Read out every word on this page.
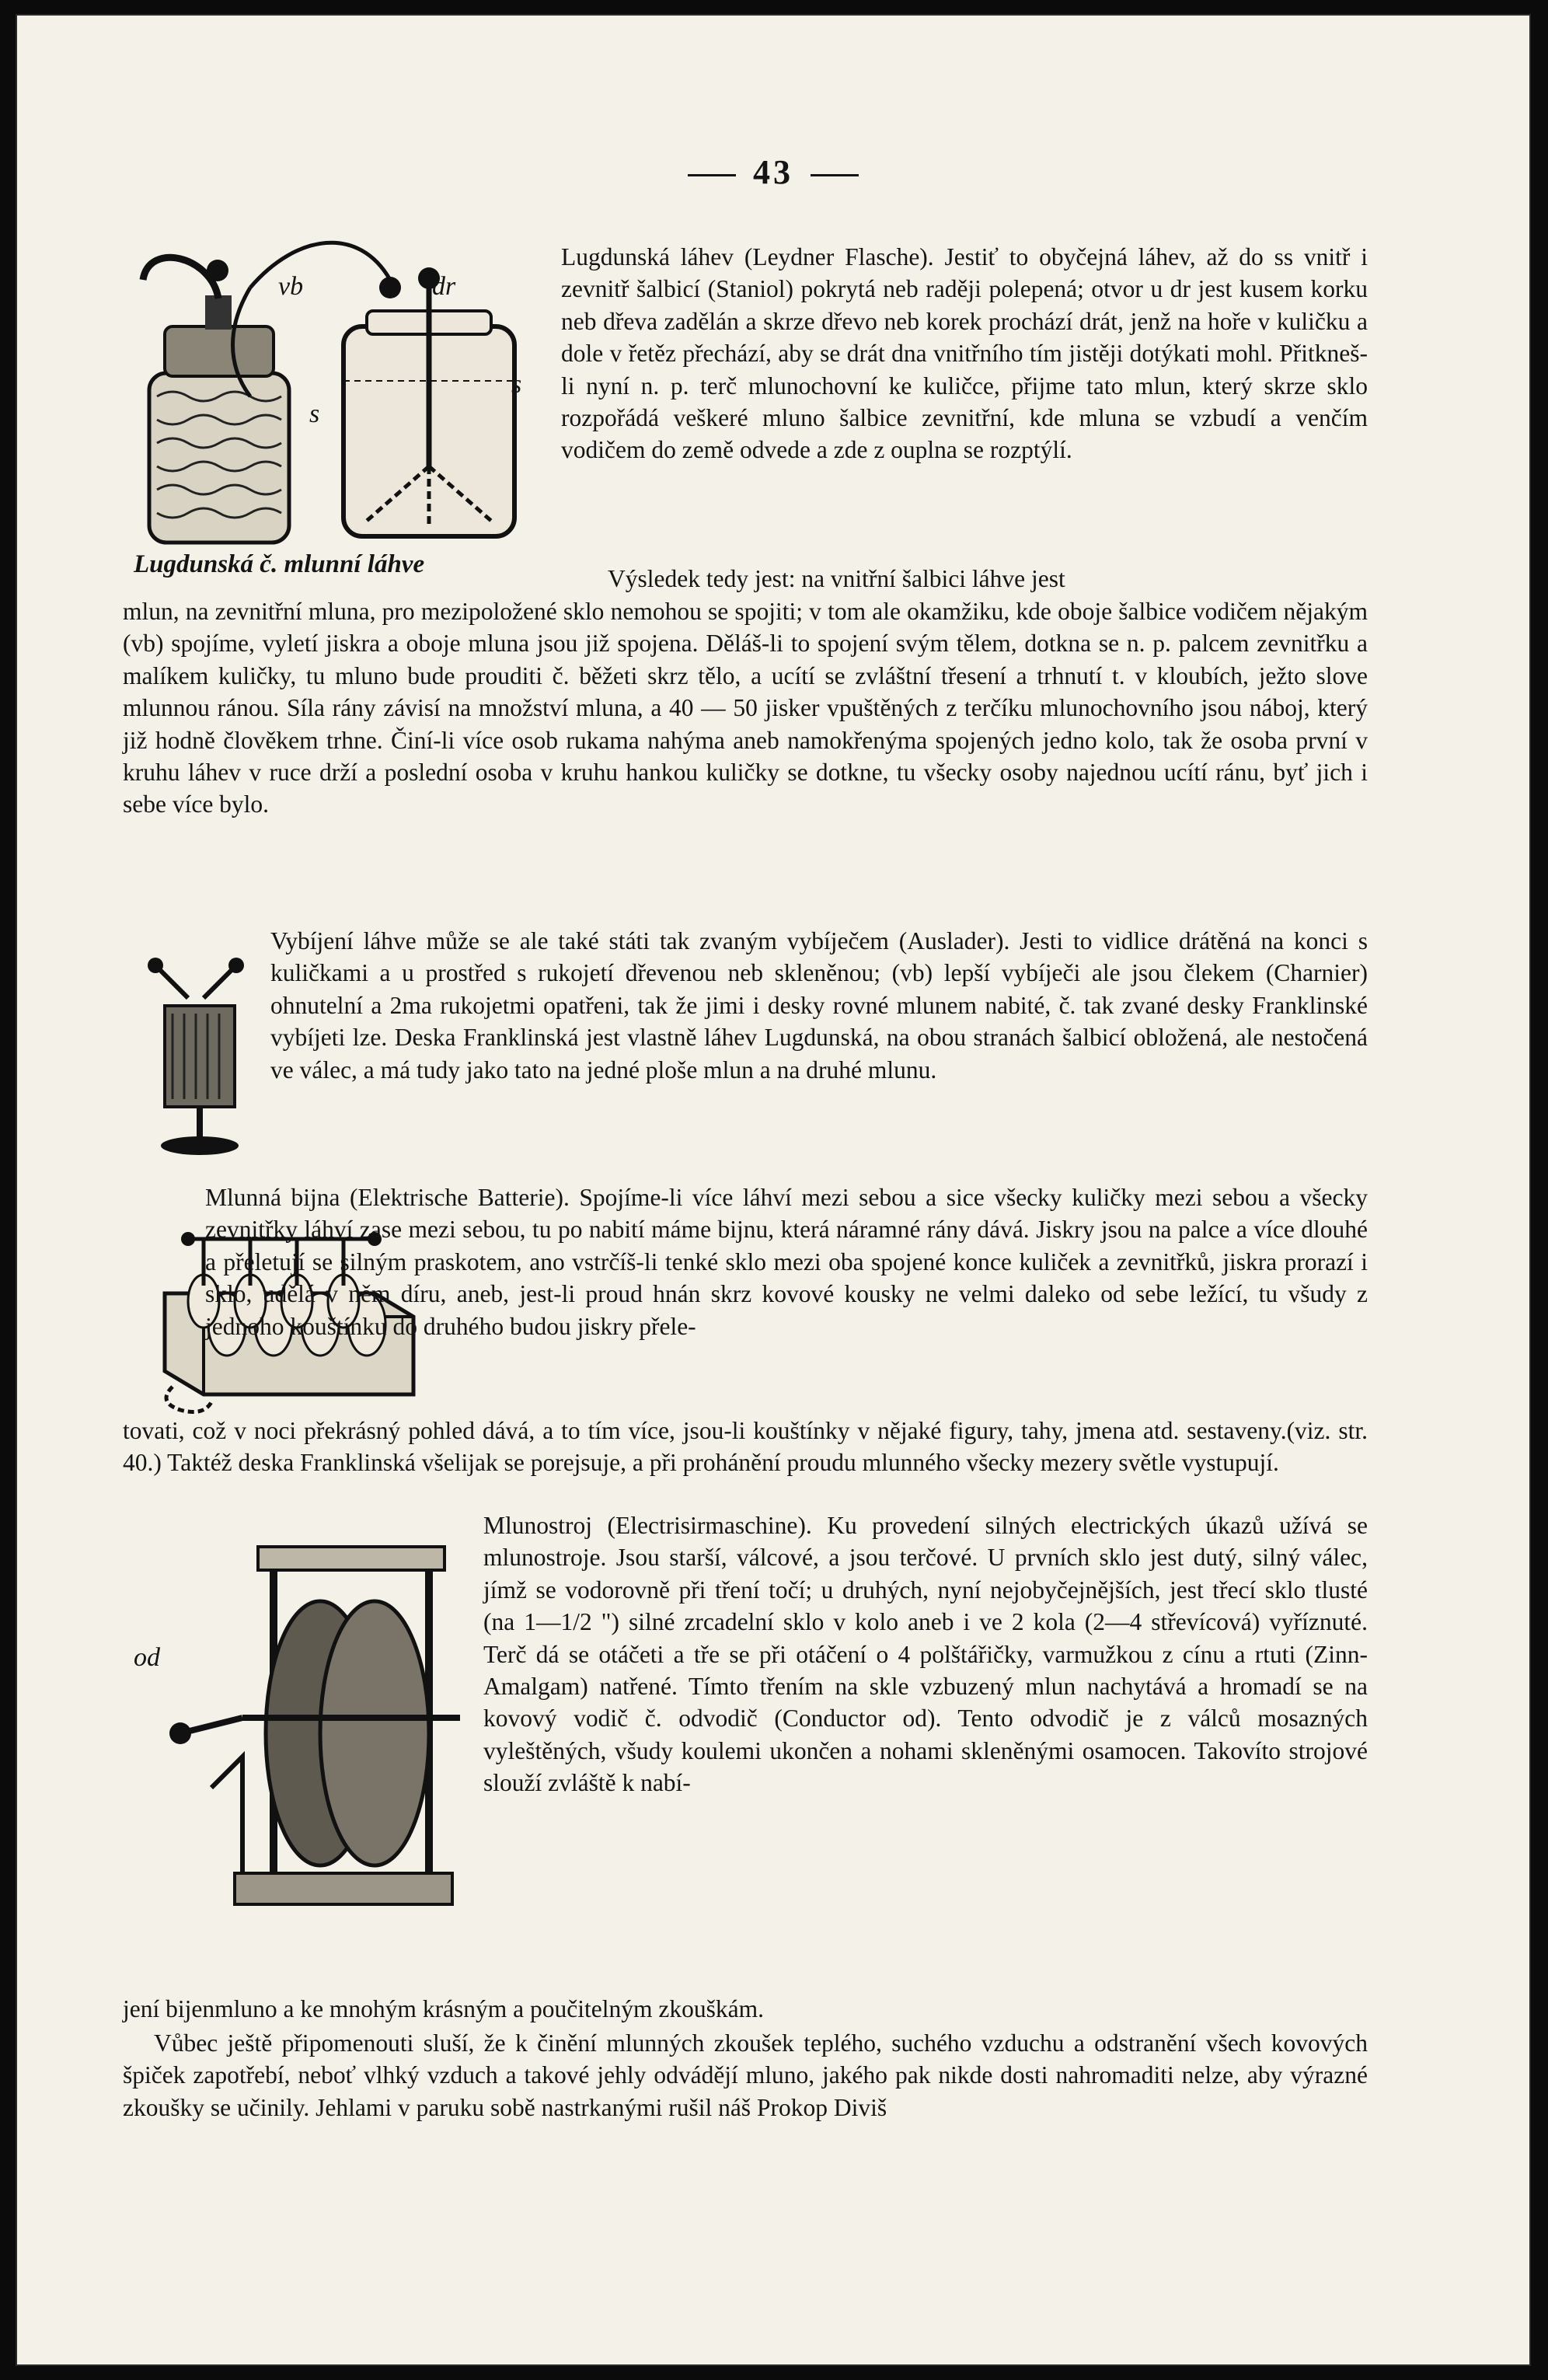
43
vb	dr
s
s
Lugdunská č. mlunní láhve

Lugdunská láhev (Leydner Flasche). Jestiť to obyčejná láhev, až do ss vnitř i zevnitř šalbicí (Staniol) pokrytá neb raději polepená; otvor u dr jest kusem korku neb dřeva zadělán a skrze dřevo neb korek prochází drát, jenž na hoře v kuličku a dole v řetěz přechází, aby se drát dna vnitřního tím jistěji dotýkati mohl. Přitkneš-li nyní n. p. terč mlunochovní ke kuličce, přijme tato mlun, který skrze sklo rozpořádá veškeré mluno šalbice zevnitřní, kde mluna se vzbudí a venčím vodičem do země odvede a zde z ouplna se rozptýlí.

Výsledek tedy jest: na vnitřní šalbici láhve jest

mlun, na zevnitřní mluna, pro mezipoložené sklo nemohou se spojiti; v tom ale okamžiku, kde oboje šalbice vodičem nějakým (vb) spojíme, vyletí jiskra a oboje mluna jsou již spojena. Děláš-li to spojení svým tělem, dotkna se n. p. palcem zevnitřku a malíkem kuličky, tu mluno bude prouditi č. běžeti skrz tělo, a ucítí se zvláštní třesení a trhnutí t. v kloubích, ježto slove mlunnou ránou. Síla rány závisí na množství mluna, a 40 — 50 jisker vpuštěných z terčíku mlunochovního jsou náboj, který již hodně člověkem trhne. Činí-li více osob rukama nahýma aneb namokřenýma spojených jedno kolo, tak že osoba první v kruhu láhev v ruce drží a poslední osoba v kruhu hankou kuličky se dotkne, tu všecky osoby najednou ucítí ránu, byť jich i sebe více bylo.

Vybíjení láhve může se ale také státi tak zvaným vybíječem (Auslader). Jesti to vidlice drátěná na konci s kuličkami a u prostřed s rukojetí dřevenou neb skleněnou; (vb) lepší vybíječi ale jsou člekem (Charnier) ohnutelní a 2ma rukojetmi opatřeni, tak že jimi i desky rovné mlunem nabité, č. tak zvané desky Franklinské vybíjeti lze. Deska Franklinská jest vlastně láhev Lugdunská, na obou stranách šalbicí obložená, ale nestočená ve válec, a má tudy jako tato na jedné ploše mlun a na druhé mlunu.

Mlunná bijna (Elektrische Batterie). Spojíme-li více láhví mezi sebou a sice všecky kuličky mezi sebou a všecky zevnitřky láhví zase mezi sebou, tu po nabití máme bijnu, která náramné rány dává. Jiskry jsou na palce a více dlouhé a přeletují se silným praskotem, ano vstrčíš-li tenké sklo mezi oba spojené konce kuliček a zevnitřků, jiskra prorazí i sklo, udělá v něm díru, aneb, jest-li proud hnán skrz kovové kousky ne velmi daleko od sebe ležící, tu všudy z jednoho kouštínku do druhého budou jiskry přele-

tovati, což v noci překrásný pohled dává, a to tím více, jsou-li kouštínky v nějaké figury, tahy, jmena atd. sestaveny.(viz. str. 40.) Taktéž deska Franklinská všelijak se porejsuje, a při prohánění proudu mlunného všecky mezery světle vystupují.

od

Mlunostroj (Electrisirmaschine). Ku provedení silných electrických úkazů užívá se mlunostroje. Jsou starší, válcové, a jsou terčové. U prvních sklo jest dutý, silný válec, jímž se vodorovně při tření točí; u druhých, nyní nejobyčejnějších, jest třecí sklo tlusté (na 1—1/2 ") silné zrcadelní sklo v kolo aneb i ve 2 kola (2—4 střevícová) vyříznuté. Terč dá se otáčeti a tře se při otáčení o 4 polštářičky, varmužkou z cínu a rtuti (Zinn-Amalgam) natřené. Tímto třením na skle vzbuzený mlun nachytává a hromadí se na kovový vodič č. odvodič (Conductor od). Tento odvodič je z válců mosazných vyleštěných, všudy koulemi ukončen a nohami skleněnými osamocen. Takovíto strojové slouží zvláště k nabí-

jení bijenmluno a ke mnohým krásným a poučitelným zkouškám.

Vůbec ještě připomenouti sluší, že k činění mlunných zkoušek teplého, suchého vzduchu a odstranění všech kovových špiček zapotřebí, neboť vlhký vzduch a takové jehly odvádějí mluno, jakého pak nikde dosti nahromaditi nelze, aby výrazné zkoušky se učinily. Jehlami v paruku sobě nastrkanými rušil náš Prokop Diviš
